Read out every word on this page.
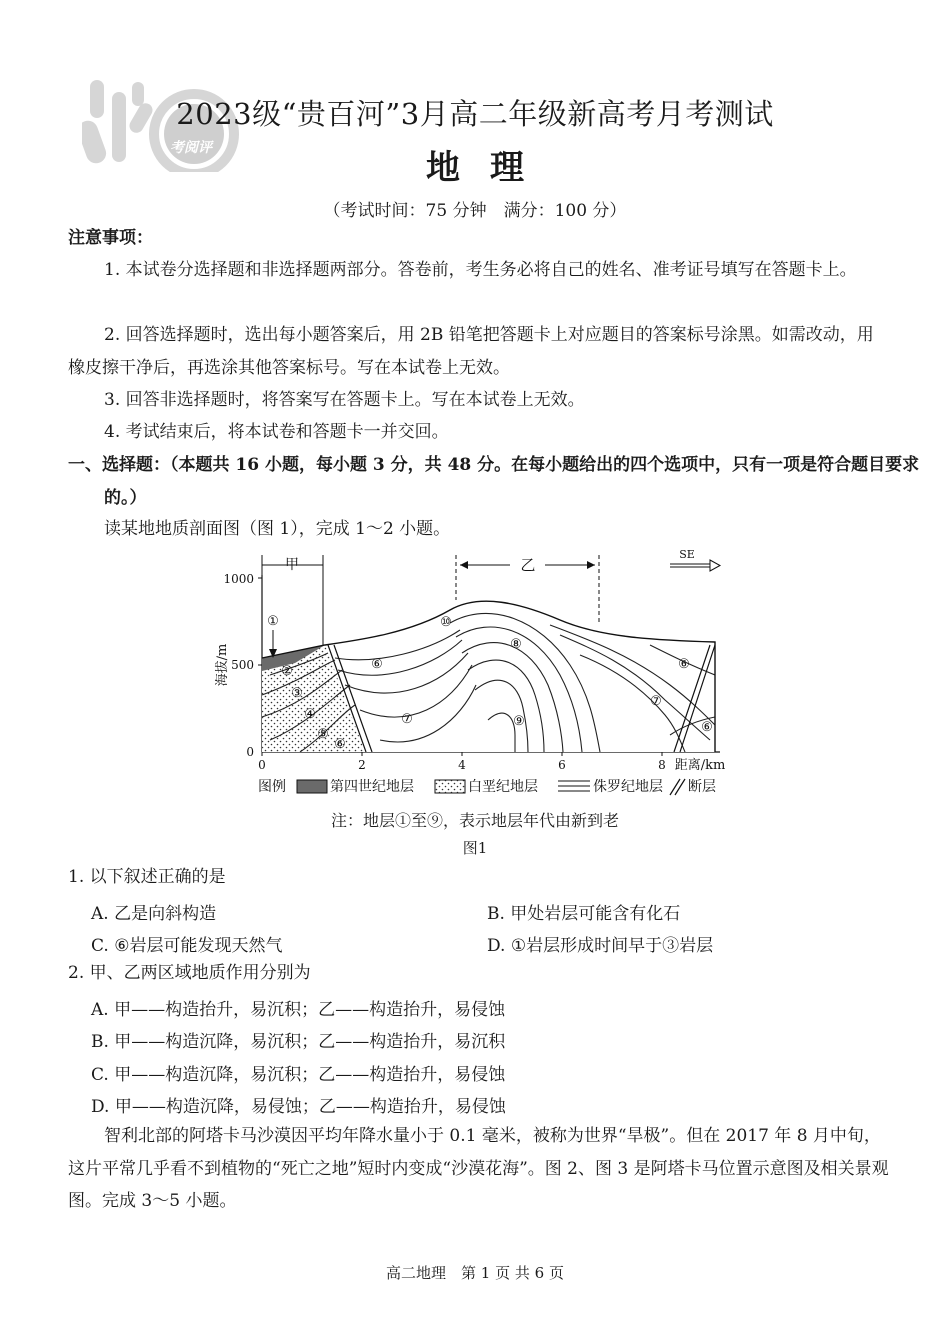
考阅评
2023级“贵百河”3月高二年级新高考月考测试
地理
（考试时间：75 分钟　满分：100 分）
注意事项：
1. 本试卷分选择题和非选择题两部分。答卷前，考生务必将自己的姓名、准考证号填写在答题卡上。
2. 回答选择题时，选出每小题答案后，用 2B 铅笔把答题卡上对应题目的答案标号涂黑。如需改动，用橡皮擦干净后，再选涂其他答案标号。写在本试卷上无效。
3. 回答非选择题时，将答案写在答题卡上。写在本试卷上无效。
4. 考试结束后，将本试卷和答题卡一并交回。
一、选择题：（本题共 16 小题，每小题 3 分，共 48 分。在每小题给出的四个选项中，只有一项是符合题目要求的。）
读某地地质剖面图（图 1），完成 1～2 小题。
甲	乙
SE
1000
500
0
海拔/m
0	2	4	6	8 距离/km
①
②
③
④
⑤
⑥
⑥	⑥
⑥
⑦
⑦
⑧
⑨
⑩
图例	第四世纪地层	白垩纪地层	侏罗纪地层 断层
注：地层①至⑨，表示地层年代由新到老
图1
1. 以下叙述正确的是
A. 乙是向斜构造	B. 甲处岩层可能含有化石
C. ⑥岩层可能发现天然气	D. ①岩层形成时间早于③岩层
2. 甲、乙两区域地质作用分别为
A. 甲——构造抬升，易沉积；乙——构造抬升，易侵蚀
B. 甲——构造沉降，易沉积；乙——构造抬升，易沉积
C. 甲——构造沉降，易沉积；乙——构造抬升，易侵蚀
D. 甲——构造沉降，易侵蚀；乙——构造抬升，易侵蚀
智利北部的阿塔卡马沙漠因平均年降水量小于 0.1 毫米，被称为世界“旱极”。但在 2017 年 8 月中旬，这片平常几乎看不到植物的“死亡之地”短时内变成“沙漠花海”。图 2、图 3 是阿塔卡马位置示意图及相关景观图。完成 3～5 小题。
高二地理　第 1 页 共 6 页
